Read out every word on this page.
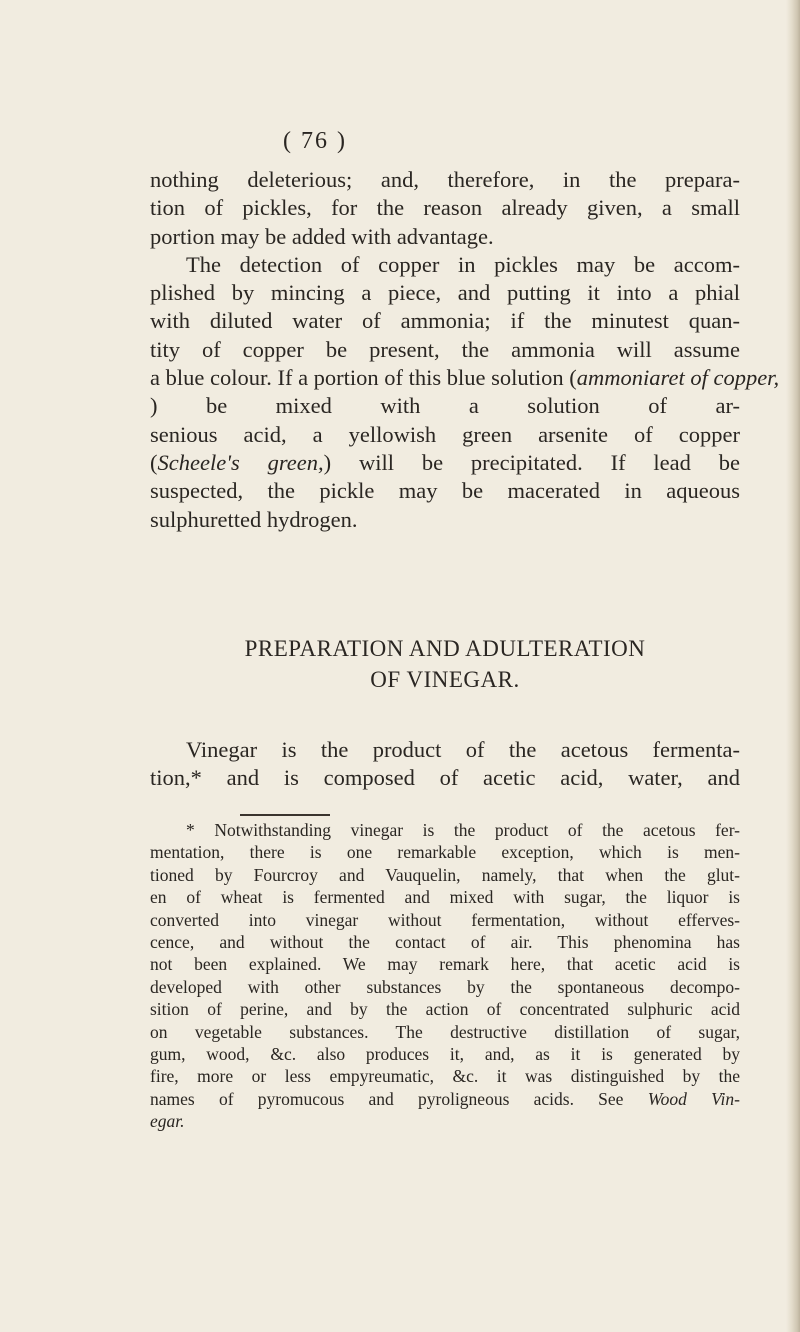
( 76 )
nothing deleterious; and, therefore, in the prepara-
tion of pickles, for the reason already given, a small
portion may be added with advantage.
The detection of copper in pickles may be accom-
plished by mincing a piece, and putting it into a phial
with diluted water of ammonia; if the minutest quan-
tity of copper be present, the ammonia will assume
a blue colour. If a portion of this blue solution (ammoniaret of copper,
) be mixed with a solution of ar-
senious acid, a yellowish green arsenite of copper
(Scheele's green,) will be precipitated. If lead be
suspected, the pickle may be macerated in aqueous
sulphuretted hydrogen.
PREPARATION AND ADULTERATION
OF VINEGAR.
Vinegar is the product of the acetous fermenta-
tion,* and is composed of acetic acid, water, and
* Notwithstanding vinegar is the product of the acetous fer-
mentation, there is one remarkable exception, which is men-
tioned by Fourcroy and Vauquelin, namely, that when the glut-
en of wheat is fermented and mixed with sugar, the liquor is
converted into vinegar without fermentation, without efferves-
cence, and without the contact of air. This phenomina has
not been explained. We may remark here, that acetic acid is
developed with other substances by the spontaneous decompo-
sition of perine, and by the action of concentrated sulphuric acid
on vegetable substances. The destructive distillation of sugar,
gum, wood, &c. also produces it, and, as it is generated by
fire, more or less empyreumatic, &c. it was distinguished by the
names of pyromucous and pyroligneous acids. See Wood Vin-
egar.
